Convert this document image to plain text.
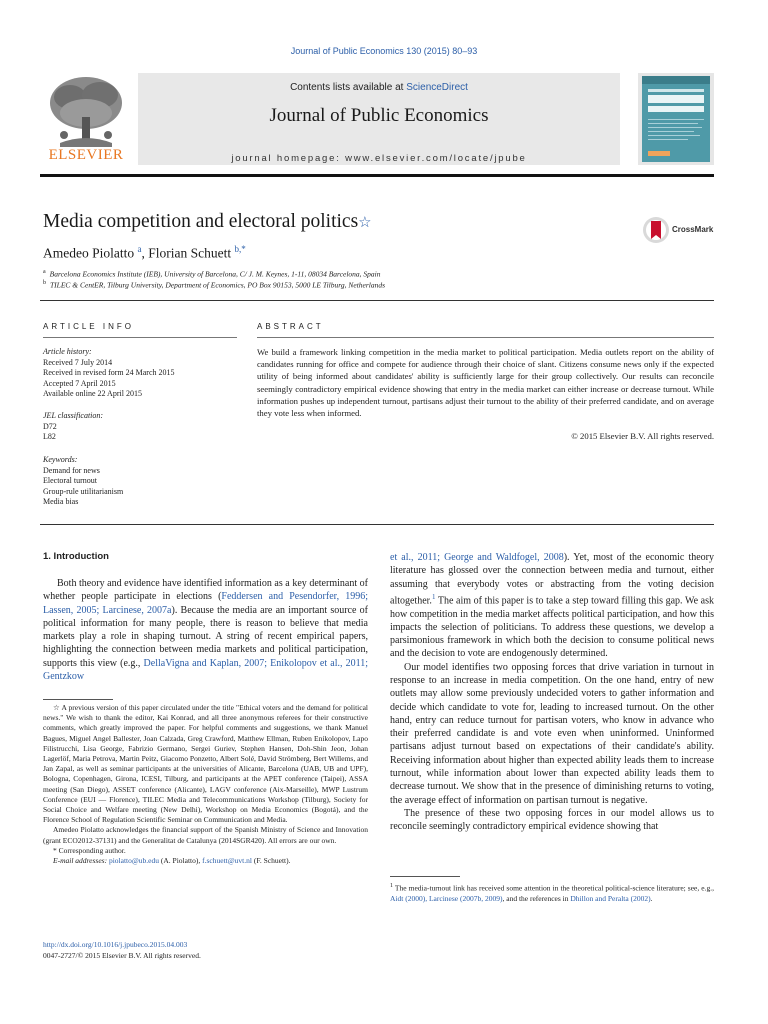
Journal of Public Economics 130 (2015) 80–93
ELSEVIER
Contents lists available at ScienceDirect
Journal of Public Economics
journal homepage: www.elsevier.com/locate/jpube
Media competition and electoral politics☆
Amedeo Piolatto $^a$, Florian Schuett $^{b,*}$
$^a$ Barcelona Economics Institute (IEB), University of Barcelona, C/ J. M. Keynes, 1-11, 08034 Barcelona, Spain
$^b$ TILEC & CentER, Tilburg University, Department of Economics, PO Box 90153, 5000 LE Tilburg, Netherlands
CrossMark
ARTICLE INFO	ABSTRACT
Article history:
Received 7 July 2014
Received in revised form 24 March 2015
Accepted 7 April 2015
Available online 22 April 2015
JEL classification:
D72
L82
Keywords:
Demand for news
Electoral turnout
Group-rule utilitarianism
Media bias
We build a framework linking competition in the media market to political participation. Media outlets report on the ability of candidates running for office and compete for audience through their choice of slant. Citizens consume news only if the expected utility of being informed about candidates' ability is sufficiently large for their group collectively. Our results can reconcile seemingly contradictory empirical evidence showing that entry in the media market can either increase or decrease turnout. While information pushes up independent turnout, partisans adjust their turnout to the ability of their preferred candidate, and on average they vote less when informed.
© 2015 Elsevier B.V. All rights reserved.
1. Introduction
Both theory and evidence have identified information as a key determinant of whether people participate in elections (Feddersen and Pesendorfer, 1996; Lassen, 2005; Larcinese, 2007a). Because the media are an important source of political information for many people, there is reason to believe that media markets play a role in shaping turnout. A string of recent empirical papers, highlighting the connection between media markets and political participation, supports this view (e.g., DellaVigna and Kaplan, 2007; Enikolopov et al., 2011; Gentzkow
☆ A previous version of this paper circulated under the title "Ethical voters and the demand for political news." We wish to thank the editor, Kai Konrad, and all three anonymous referees for their constructive comments, which greatly improved the paper. For helpful comments and suggestions, we thank Manuel Bagues, Miguel Angel Ballester, Joan Calzada, Greg Crawford, Matthew Ellman, Ruben Enikolopov, Lapo Filistrucchi, Lisa George, Fabrizio Germano, Sergei Guriev, Stephen Hansen, Doh-Shin Jeon, Johan Lagerlöf, Maria Petrova, Martin Peitz, Giacomo Ponzetto, Albert Solé, David Strömberg, Bert Willems, and Jan Zapal, as well as seminar participants at the universities of Alicante, Barcelona (UAB, UB and UPF), Bologna, Copenhagen, Girona, ICESI, Tilburg, and participants at the APET conference (Taipei), ASSA meeting (San Diego), ASSET conference (Alicante), LAGV conference (Aix-Marseille), MWP Lustrum Conference (EUI — Florence), TILEC Media and Telecommunications Workshop (Tilburg), Society for Social Choice and Welfare meeting (New Delhi), Workshop on Media Economics (Bogotá), and the Florence School of Regulation Scientific Seminar on Communication and Media.
Amedeo Piolatto acknowledges the financial support of the Spanish Ministry of Science and Innovation (grant ECO2012-37131) and the Generalitat de Catalunya (2014SGR420). All errors are our own.
* Corresponding author.
E-mail addresses: piolatto@ub.edu (A. Piolatto), f.schuett@uvt.nl (F. Schuett).

et al., 2011; George and Waldfogel, 2008). Yet, most of the economic theory literature has glossed over the connection between media and turnout, either assuming that everybody votes or abstracting from the voting decision altogether.$^1$ The aim of this paper is to take a step toward filling this gap. We ask how competition in the media market affects political participation, and how this impacts the selection of politicians. To address these questions, we develop a parsimonious framework in which both the decision to consume political news and the decision to vote are endogenously determined.

Our model identifies two opposing forces that drive variation in turnout in response to an increase in media competition. On the one hand, entry of new outlets may allow some previously undecided voters to gather information and decide which candidate to vote for, leading to increased turnout. On the other hand, entry can reduce turnout for partisan voters, who know in advance who their preferred candidate is and vote even when uninformed. Uninformed partisans adjust turnout based on expectations of their candidate's ability. Receiving information about higher than expected ability leads them to increase turnout, while information about lower than expected ability leads them to decrease turnout. We show that in the presence of diminishing returns to voting, the average effect of information on partisan turnout is negative.

The presence of these two opposing forces in our model allows us to reconcile seemingly contradictory empirical evidence showing that

$^1$ The media-turnout link has received some attention in the theoretical political-science literature; see, e.g., Aidt (2000), Larcinese (2007b, 2009), and the references in Dhillon and Peralta (2002).
http://dx.doi.org/10.1016/j.jpubeco.2015.04.003
0047-2727/© 2015 Elsevier B.V. All rights reserved.
